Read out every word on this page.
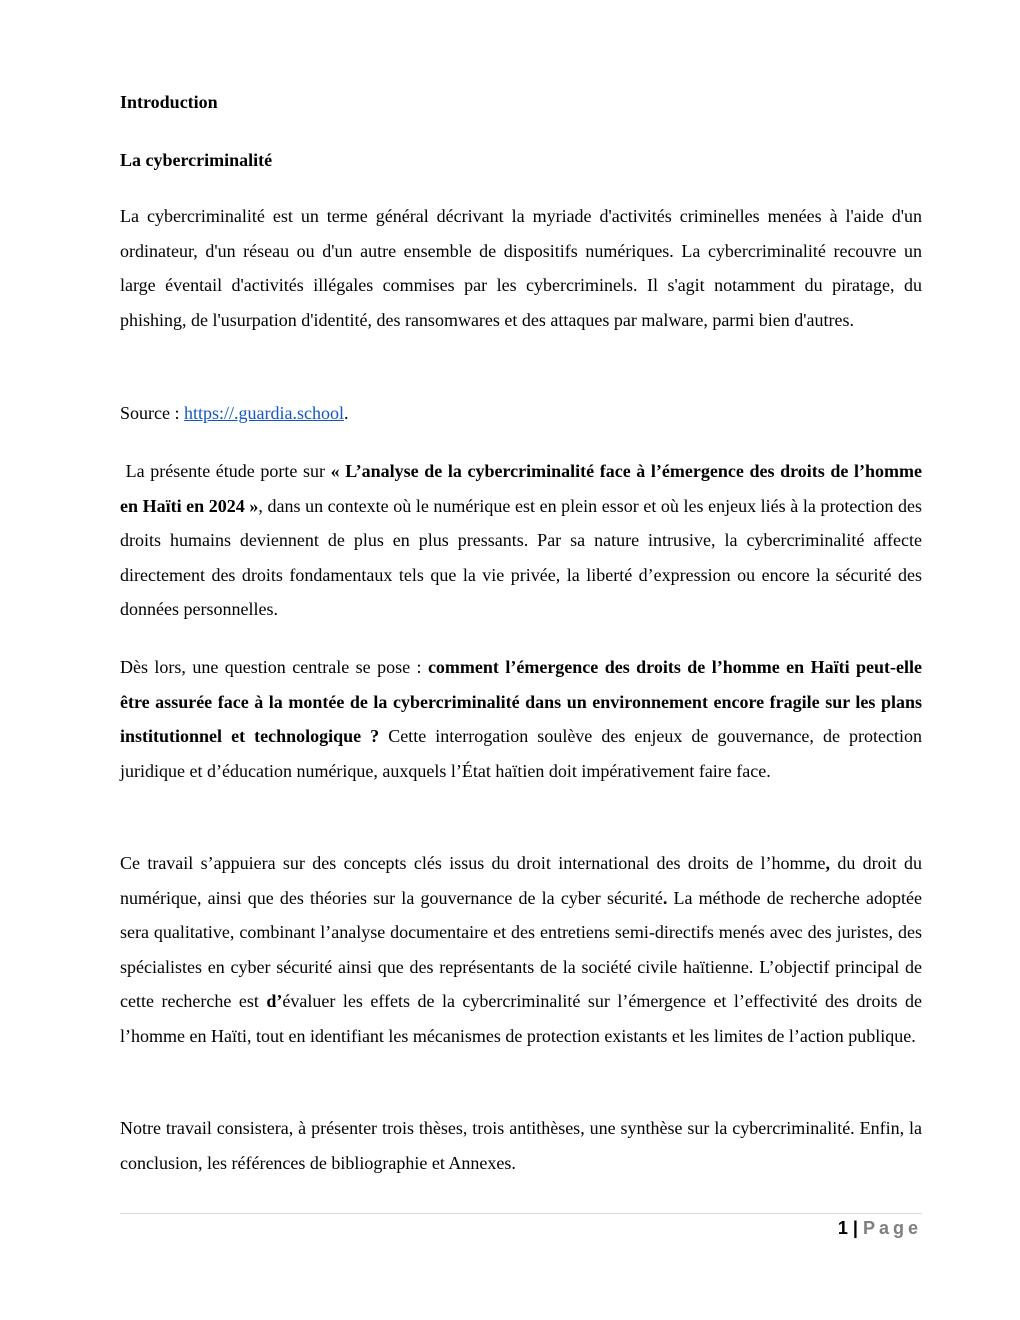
Introduction
La cybercriminalité

La cybercriminalité est un terme général décrivant la myriade d'activités criminelles menées à l'aide d'un ordinateur, d'un réseau ou d'un autre ensemble de dispositifs numériques. La cybercriminalité recouvre un large éventail d'activités illégales commises par les cybercriminels. Il s'agit notamment du piratage, du phishing, de l'usurpation d'identité, des ransomwares et des attaques par malware, parmi bien d'autres.

Source : https://.guardia.school.

La présente étude porte sur « L’analyse de la cybercriminalité face à l’émergence des droits de l’homme en Haïti en 2024 », dans un contexte où le numérique est en plein essor et où les enjeux liés à la protection des droits humains deviennent de plus en plus pressants. Par sa nature intrusive, la cybercriminalité affecte directement des droits fondamentaux tels que la vie privée, la liberté d’expression ou encore la sécurité des données personnelles.

Dès lors, une question centrale se pose : comment l’émergence des droits de l’homme en Haïti peut-elle être assurée face à la montée de la cybercriminalité dans un environnement encore fragile sur les plans institutionnel et technologique ? Cette interrogation soulève des enjeux de gouvernance, de protection juridique et d’éducation numérique, auxquels l’État haïtien doit impérativement faire face.

Ce travail s’appuiera sur des concepts clés issus du droit international des droits de l’homme, du droit du numérique, ainsi que des théories sur la gouvernance de la cyber sécurité. La méthode de recherche adoptée sera qualitative, combinant l’analyse documentaire et des entretiens semi-directifs menés avec des juristes, des spécialistes en cyber sécurité ainsi que des représentants de la société civile haïtienne. L’objectif principal de cette recherche est d’évaluer les effets de la cybercriminalité sur l’émergence et l’effectivité des droits de l’homme en Haïti, tout en identifiant les mécanismes de protection existants et les limites de l’action publique.

Notre travail consistera, à présenter trois thèses, trois antithèses, une synthèse sur la cybercriminalité. Enfin, la conclusion, les références de bibliographie et Annexes.

1 | Page
